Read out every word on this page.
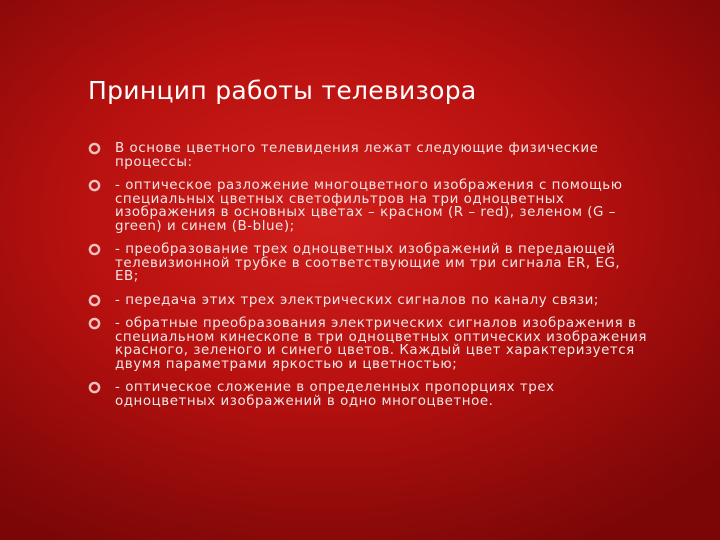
Принцип работы телевизора
В основе цветного телевидения лежат следующие физические процессы:
- оптическое разложение многоцветного изображения с помощью специальных цветных светофильтров на три одноцветных изображения в основных цветах – красном (R – red), зеленом (G – green) и синем (B-blue);
- преобразование трех одноцветных изображений в передающей телевизионной трубке в соответствующие им три сигнала ER, EG, EB;
- передача этих трех электрических сигналов по каналу связи;
- обратные преобразования электрических сигналов изображения в специальном кинескопе в три одноцветных оптических изображения красного, зеленого и синего цветов. Каждый цвет характеризуется двумя параметрами яркостью и цветностью;
- оптическое сложение в определенных пропорциях трех одноцветных изображений в одно многоцветное.
